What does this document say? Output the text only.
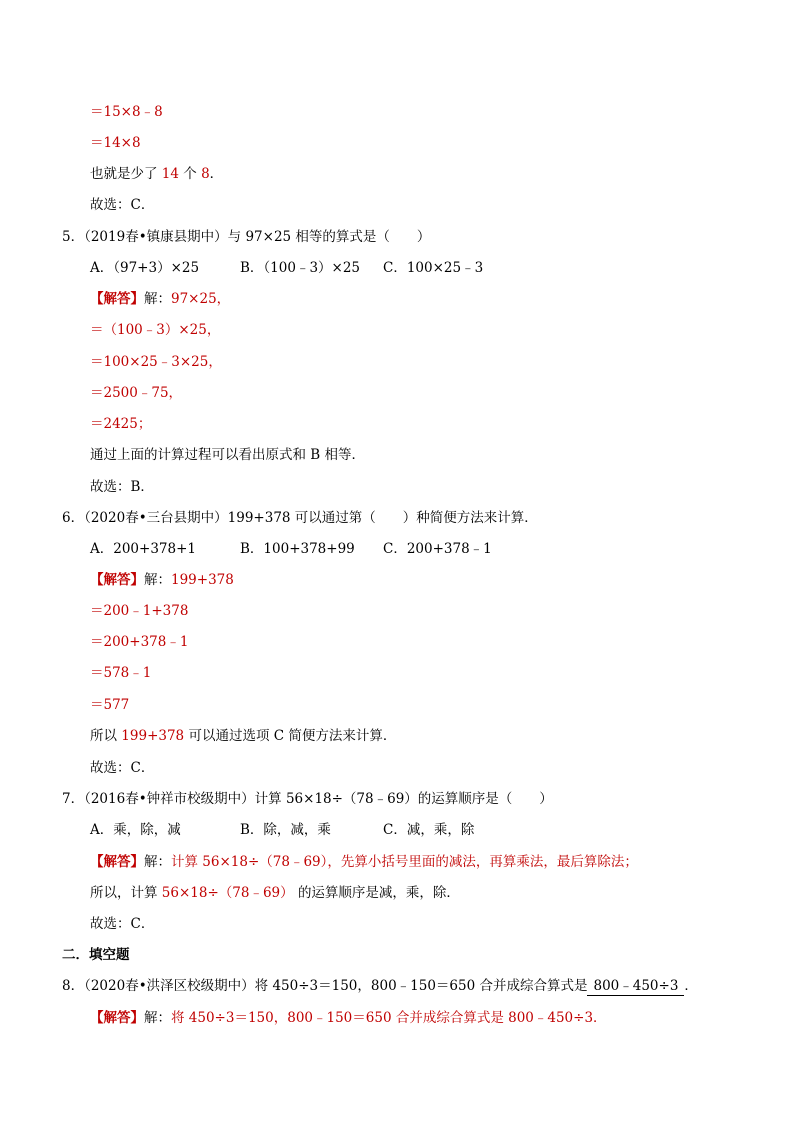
＝15×8﹣8
＝14×8
也就是少了 14 个 8．
故选：C．
5．（2019春•镇康县期中）与 97×25 相等的算式是（　　）
A．（97+3）×25	B．（100﹣3）×25 C．100×25﹣3
【解答】解：97×25，
＝（100﹣3）×25，
＝100×25﹣3×25，
＝2500﹣75，
＝2425；
通过上面的计算过程可以看出原式和 B 相等．
故选：B．
6．（2020春•三台县期中）199+378 可以通过第（　　）种简便方法来计算．
A．200+378+1	B．100+378+99 C．200+378﹣1
【解答】解：199+378
＝200﹣1+378
＝200+378﹣1
＝578﹣1
＝577
所以 199+378 可以通过选项 C 简便方法来计算．
故选：C．
7．（2016春•钟祥市校级期中）计算 56×18÷（78﹣69）的运算顺序是（　　）
A．乘，除，减	B．除，减，乘	C．减，乘，除
【解答】解：计算 56×18÷（78﹣69），先算小括号里面的减法，再算乘法，最后算除法；
所以，计算 56×18÷（78﹣69） 的运算顺序是减，乘，除．
故选：C．
二．填空题
8．（2020春•洪泽区校级期中）将 450÷3＝150，800﹣150＝650 合并成综合算式是 800﹣450÷3 ．
【解答】解：将 450÷3＝150，800﹣150＝650 合并成综合算式是 800﹣450÷3．
